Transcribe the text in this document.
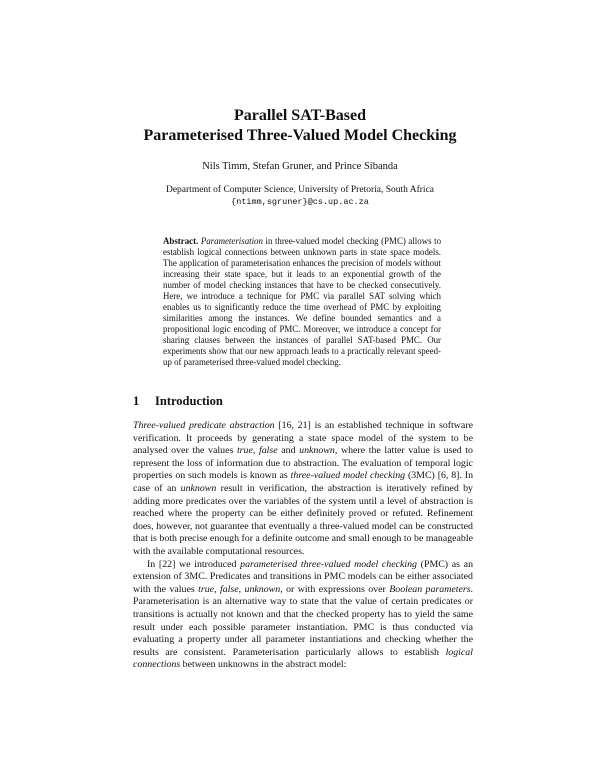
Parallel SAT-Based
Parameterised Three-Valued Model Checking
Nils Timm, Stefan Gruner, and Prince Sibanda
Department of Computer Science, University of Pretoria, South Africa
{ntimm,sgruner}@cs.up.ac.za
Abstract. Parameterisation in three-valued model checking (PMC) allows to establish logical connections between unknown parts in state space models. The application of parameterisation enhances the precision of models without increasing their state space, but it leads to an exponential growth of the number of model checking instances that have to be checked consecutively. Here, we introduce a technique for PMC via parallel SAT solving which enables us to significantly reduce the time overhead of PMC by exploiting similarities among the instances. We define bounded semantics and a propositional logic encoding of PMC. Moreover, we introduce a concept for sharing clauses between the instances of parallel SAT-based PMC. Our experiments show that our new approach leads to a practically relevant speed-up of parameterised three-valued model checking.
1 Introduction

Three-valued predicate abstraction [16, 21] is an established technique in software verification. It proceeds by generating a state space model of the system to be analysed over the values true, false and unknown, where the latter value is used to represent the loss of information due to abstraction. The evaluation of temporal logic properties on such models is known as three-valued model checking (3MC) [6, 8]. In case of an unknown result in verification, the abstraction is iteratively refined by adding more predicates over the variables of the system until a level of abstraction is reached where the property can be either definitely proved or refuted. Refinement does, however, not guarantee that eventually a three-valued model can be constructed that is both precise enough for a definite outcome and small enough to be manageable with the available computational resources.

In [22] we introduced parameterised three-valued model checking (PMC) as an extension of 3MC. Predicates and transitions in PMC models can be either associated with the values true, false, unknown, or with expressions over Boolean parameters. Parameterisation is an alternative way to state that the value of certain predicates or transitions is actually not known and that the checked property has to yield the same result under each possible parameter instantiation. PMC is thus conducted via evaluating a property under all parameter instantiations and checking whether the results are consistent. Parameterisation particularly allows to establish logical connections between unknowns in the abstract model:
